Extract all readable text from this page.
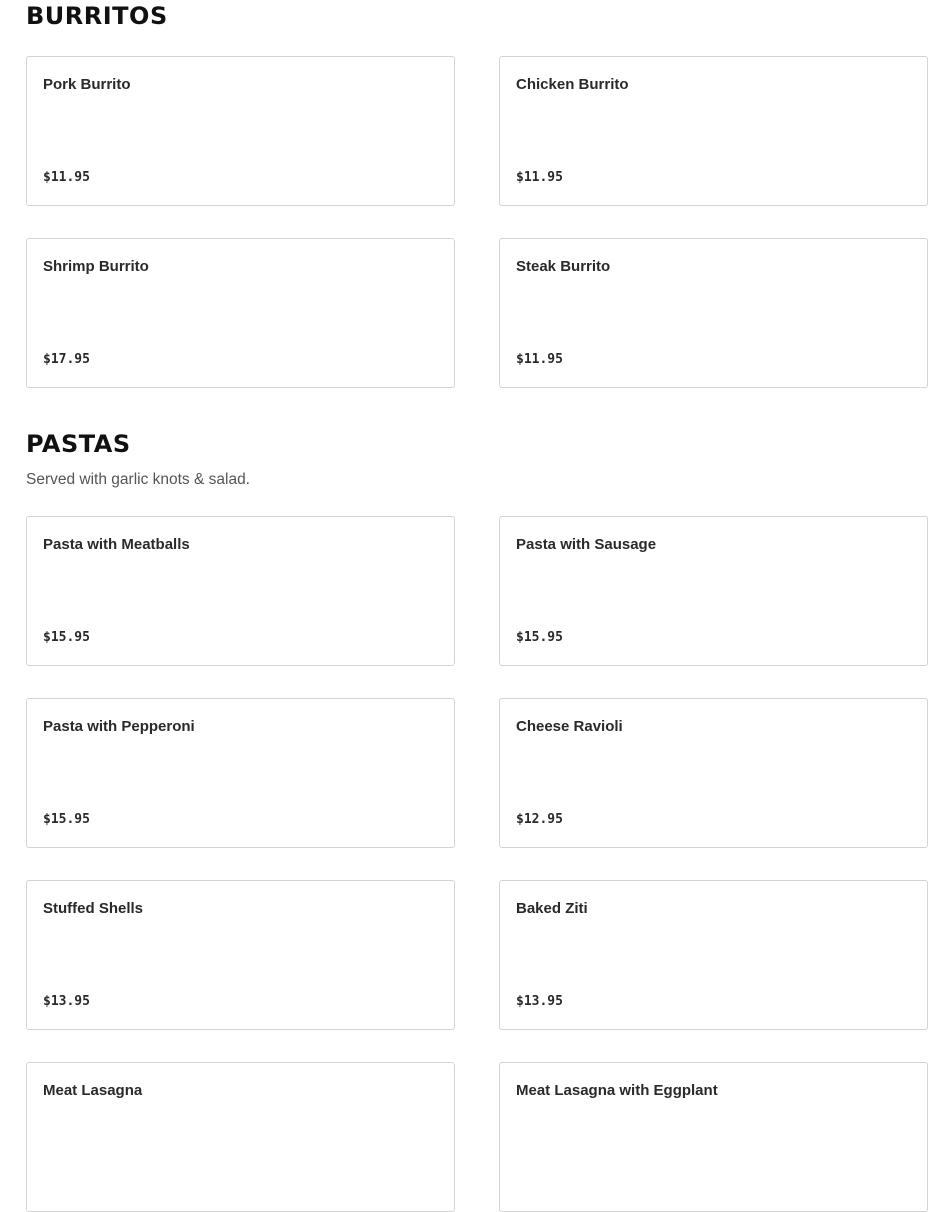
BURRITOS
Pork Burrito
$11.95
Chicken Burrito
$11.95
Shrimp Burrito
$17.95
Steak Burrito
$11.95
PASTAS

Served with garlic knots & salad.

Pasta with Meatballs
$15.95
Pasta with Sausage
$15.95
Pasta with Pepperoni
$15.95
Cheese Ravioli
$12.95
Stuffed Shells
$13.95
Baked Ziti
$13.95
Meat Lasagna	Meat Lasagna with Eggplant
